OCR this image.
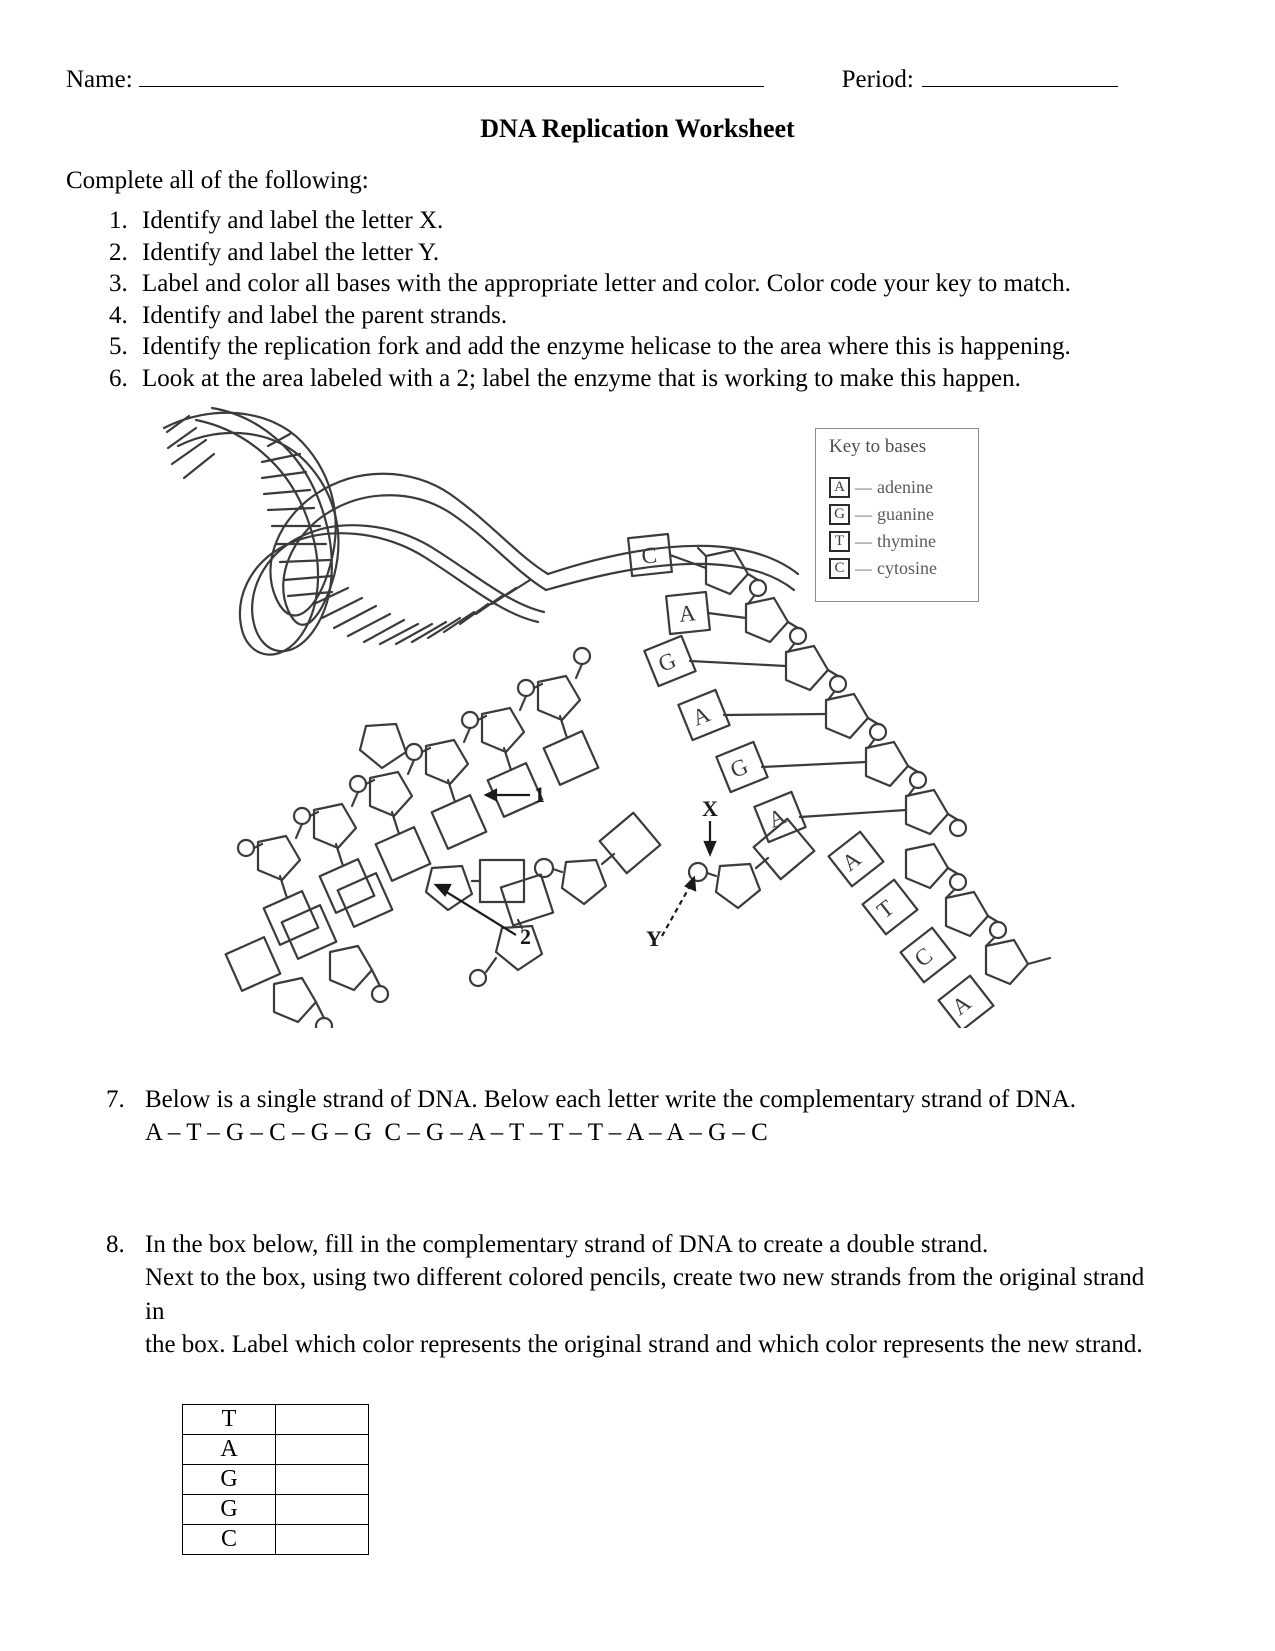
Name:	Period:
DNA Replication Worksheet
Complete all of the following:
1. Identify and label the letter X.
2. Identify and label the letter Y.
3. Label and color all bases with the appropriate letter and color. Color code your key to match.
4. Identify and label the parent strands.
5. Identify the replication fork and add the enzyme helicase to the area where this is happening.
6. Look at the area labeled with a 2; label the enzyme that is working to make this happen.
1
2
X
Y
C
A
G
A
G
A
A
T
C
A
Key to bases
A — adenine
G — guanine
T — thymine
C — cytosine
7. Below is a single strand of DNA. Below each letter write the complementary strand of DNA.
A – T – G – C – G – G  C – G – A – T – T – T – A – A – G – C
8. In the box below, fill in the complementary strand of DNA to create a double strand.
Next to the box, using two different colored pencils, create two new strands from the original strand in
the box. Label which color represents the original strand and which color represents the new strand.
T	
A	
G	
G	
C	
